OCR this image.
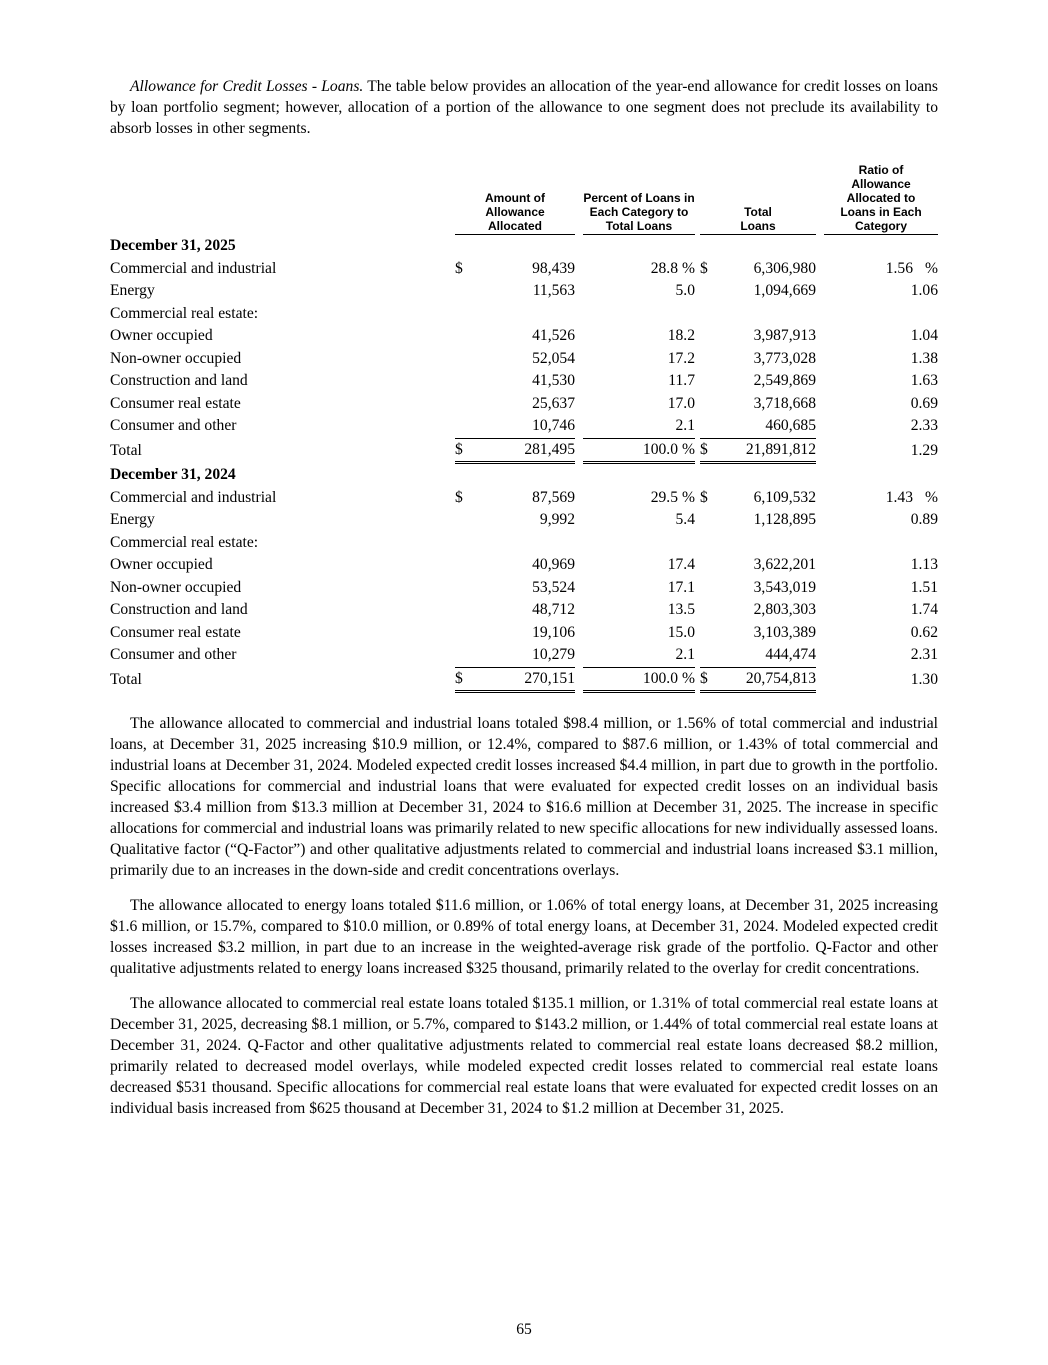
Allowance for Credit Losses - Loans. The table below provides an allocation of the year-end allowance for credit losses on loans by loan portfolio segment; however, allocation of a portion of the allowance to one segment does not preclude its availability to absorb losses in other segments.

	Amount of Allowance Allocated			Percent of Loans in Each Category to Total Loans		Total Loans			Ratio of Allowance Allocated to Loans in Each Category

December 31, 2025									
Commercial and industrial	$	98,439		28.8 %		$	6,306,980		1.56 %
Energy		11,563		5.0			1,094,669		1.06
Commercial real estate:									
Owner occupied		41,526		18.2			3,987,913		1.04
Non-owner occupied		52,054		17.2			3,773,028		1.38
Construction and land		41,530		11.7			2,549,869		1.63
Consumer real estate		25,637		17.0			3,718,668		0.69
Consumer and other		10,746		2.1			460,685		2.33
Total	$	281,495		100.0 %		$	21,891,812		1.29
December 31, 2024									
Commercial and industrial	$	87,569		29.5 %		$	6,109,532		1.43 %
Energy		9,992		5.4			1,128,895		0.89
Commercial real estate:									
Owner occupied		40,969		17.4			3,622,201		1.13
Non-owner occupied		53,524		17.1			3,543,019		1.51
Construction and land		48,712		13.5			2,803,303		1.74
Consumer real estate		19,106		15.0			3,103,389		0.62
Consumer and other		10,279		2.1			444,474		2.31
Total	$	270,151		100.0 %		$	20,754,813		1.30

The allowance allocated to commercial and industrial loans totaled $98.4 million, or 1.56% of total commercial and industrial loans, at December 31, 2025 increasing $10.9 million, or 12.4%, compared to $87.6 million, or 1.43% of total commercial and industrial loans at December 31, 2024. Modeled expected credit losses increased $4.4 million, in part due to growth in the portfolio. Specific allocations for commercial and industrial loans that were evaluated for expected credit losses on an individual basis increased $3.4 million from $13.3 million at December 31, 2024 to $16.6 million at December 31, 2025. The increase in specific allocations for commercial and industrial loans was primarily related to new specific allocations for new individually assessed loans. Qualitative factor (“Q-Factor”) and other qualitative adjustments related to commercial and industrial loans increased $3.1 million, primarily due to an increases in the down-side and credit concentrations overlays.

The allowance allocated to energy loans totaled $11.6 million, or 1.06% of total energy loans, at December 31, 2025 increasing $1.6 million, or 15.7%, compared to $10.0 million, or 0.89% of total energy loans, at December 31, 2024. Modeled expected credit losses increased $3.2 million, in part due to an increase in the weighted-average risk grade of the portfolio. Q-Factor and other qualitative adjustments related to energy loans increased $325 thousand, primarily related to the overlay for credit concentrations.

The allowance allocated to commercial real estate loans totaled $135.1 million, or 1.31% of total commercial real estate loans at December 31, 2025, decreasing $8.1 million, or 5.7%, compared to $143.2 million, or 1.44% of total commercial real estate loans at December 31, 2024. Q-Factor and other qualitative adjustments related to commercial real estate loans decreased $8.2 million, primarily related to decreased model overlays, while modeled expected credit losses related to commercial real estate loans decreased $531 thousand. Specific allocations for commercial real estate loans that were evaluated for expected credit losses on an individual basis increased from $625 thousand at December 31, 2024 to $1.2 million at December 31, 2025.

65
